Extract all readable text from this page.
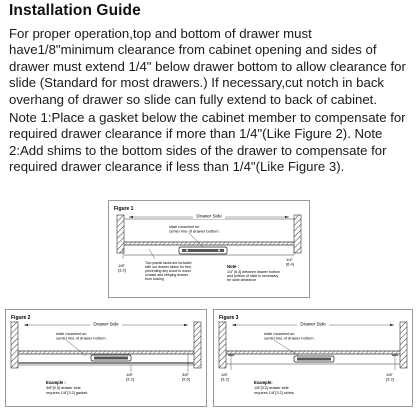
Installation Guide
For proper operation,top and bottom of drawer must have1/8"minimum clearance from cabinet opening and sides of drawer must extend 1/4" below drawer bottom to allow clearance for slide (Standard for most drawers.) If necessary,cut notch in back overhang of drawer so slide can fully extend to back of cabinet.
Note 1:Place a gasket below the cabinet member to compensate for required drawer clearance if more than 1/4"(Like Figure 2). Note 2:Add shims to the bottom sides of the drawer to compensate for required drawer clearance if less than 1/4"(Like Figure 3).
Figure 1
Drawer Side
slide mounted on
center line of drawer bottom.
1/4"
[6.4]
1/8"
[3.2]
Two plastic tacks are included
with our drawer slides for free,
preventing any wood to wood
contact and keeping drawer
from locking
Note :
1/4" [6.4] between drawer bottom
and bottom of slide is necessary
for slide clearance
Figure 2
Drawer Side
slide mounted on
center line of drawer bottom.
1/8"
[3.2]
3/8"
[9.5]
Example :
3/8"[9.5] drawer side
requires 1/8"[3.2] gasket.
Figure 3
Drawer Side
slide mounted on
center line of drawer bottom.
1/8"
[3.2]
1/8"
[3.2]
Example:
1/8"[3.2] drawer side
requires 1/8"[3.2] shims
